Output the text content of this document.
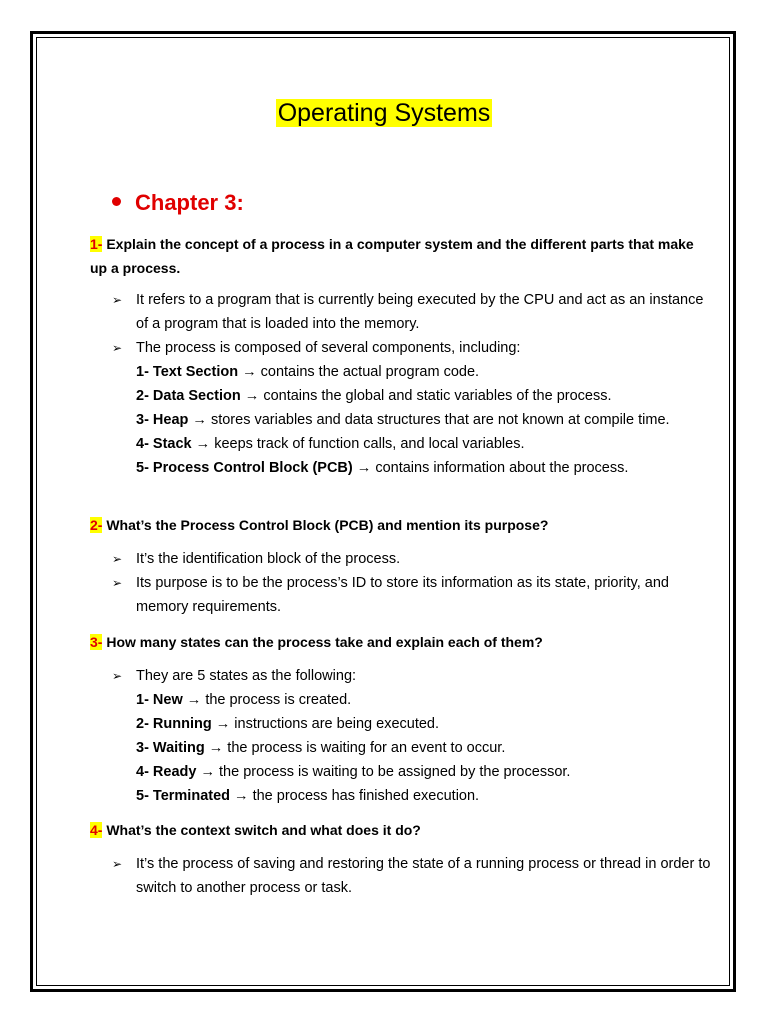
Operating Systems
Chapter 3:
1- Explain the concept of a process in a computer system and the different parts that make up a process.
➢ It refers to a program that is currently being executed by the CPU and act as an instance of a program that is loaded into the memory.
➢ The process is composed of several components, including:
1- Text Section → contains the actual program code.
2- Data Section → contains the global and static variables of the process.
3- Heap → stores variables and data structures that are not known at compile time.
4- Stack → keeps track of function calls, and local variables.
5- Process Control Block (PCB) → contains information about the process.
2- What’s the Process Control Block (PCB) and mention its purpose?
➢ It’s the identification block of the process.
➢ Its purpose is to be the process’s ID to store its information as its state, priority, and memory requirements.
3- How many states can the process take and explain each of them?
➢ They are 5 states as the following:
1- New → the process is created.
2- Running → instructions are being executed.
3- Waiting → the process is waiting for an event to occur.
4- Ready → the process is waiting to be assigned by the processor.
5- Terminated → the process has finished execution.
4- What’s the context switch and what does it do?
➢ It’s the process of saving and restoring the state of a running process or thread in order to switch to another process or task.
